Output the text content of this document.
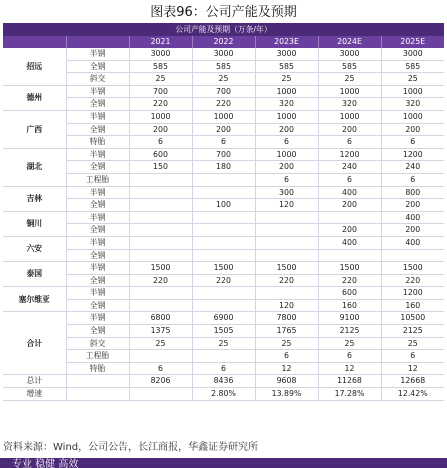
图表96：公司产能及预期
公司产能及预期（万条/年）						
		2021	2022	2023E	2024E	2025E
招远	半钢	3000	3000	3000	3000	3000
	全钢	585	585	585	585	585
	斜交	25	25	25	25	25
德州	半钢	700	700	1000	1000	1000
	全钢	220	220	320	320	320
广西	半钢	1000	1000	1000	1000	1000
	全钢	200	200	200	200	200
	特胎	6	6	6	6	6
湖北	半钢	600	700	1000	1200	1200
	全钢	150	180	200	240	240
	工程胎			6	6	6
吉林	半钢			300	400	800
	全钢		100	120	200	200
铜川	半钢					400
	全钢				200	200
六安	半钢				400	400
	全钢					
泰国	半钢	1500	1500	1500	1500	1500
	全钢	220	220	220	220	220
塞尔维亚	半钢				600	1200
	全钢			120	160	160
合计	半钢	6800	6900	7800	9100	10500
	全钢	1375	1505	1765	2125	2125
	斜交	25	25	25	25	25
	工程胎			6	6	6
	特胎	6	6	12	12	12
总计		8206	8436	9608	11268	12668
增速			2.80%	13.89%	17.28%	12.42%
资料来源：Wind，公司公告，长江商报，华鑫证券研究所
专业 稳健 高效
